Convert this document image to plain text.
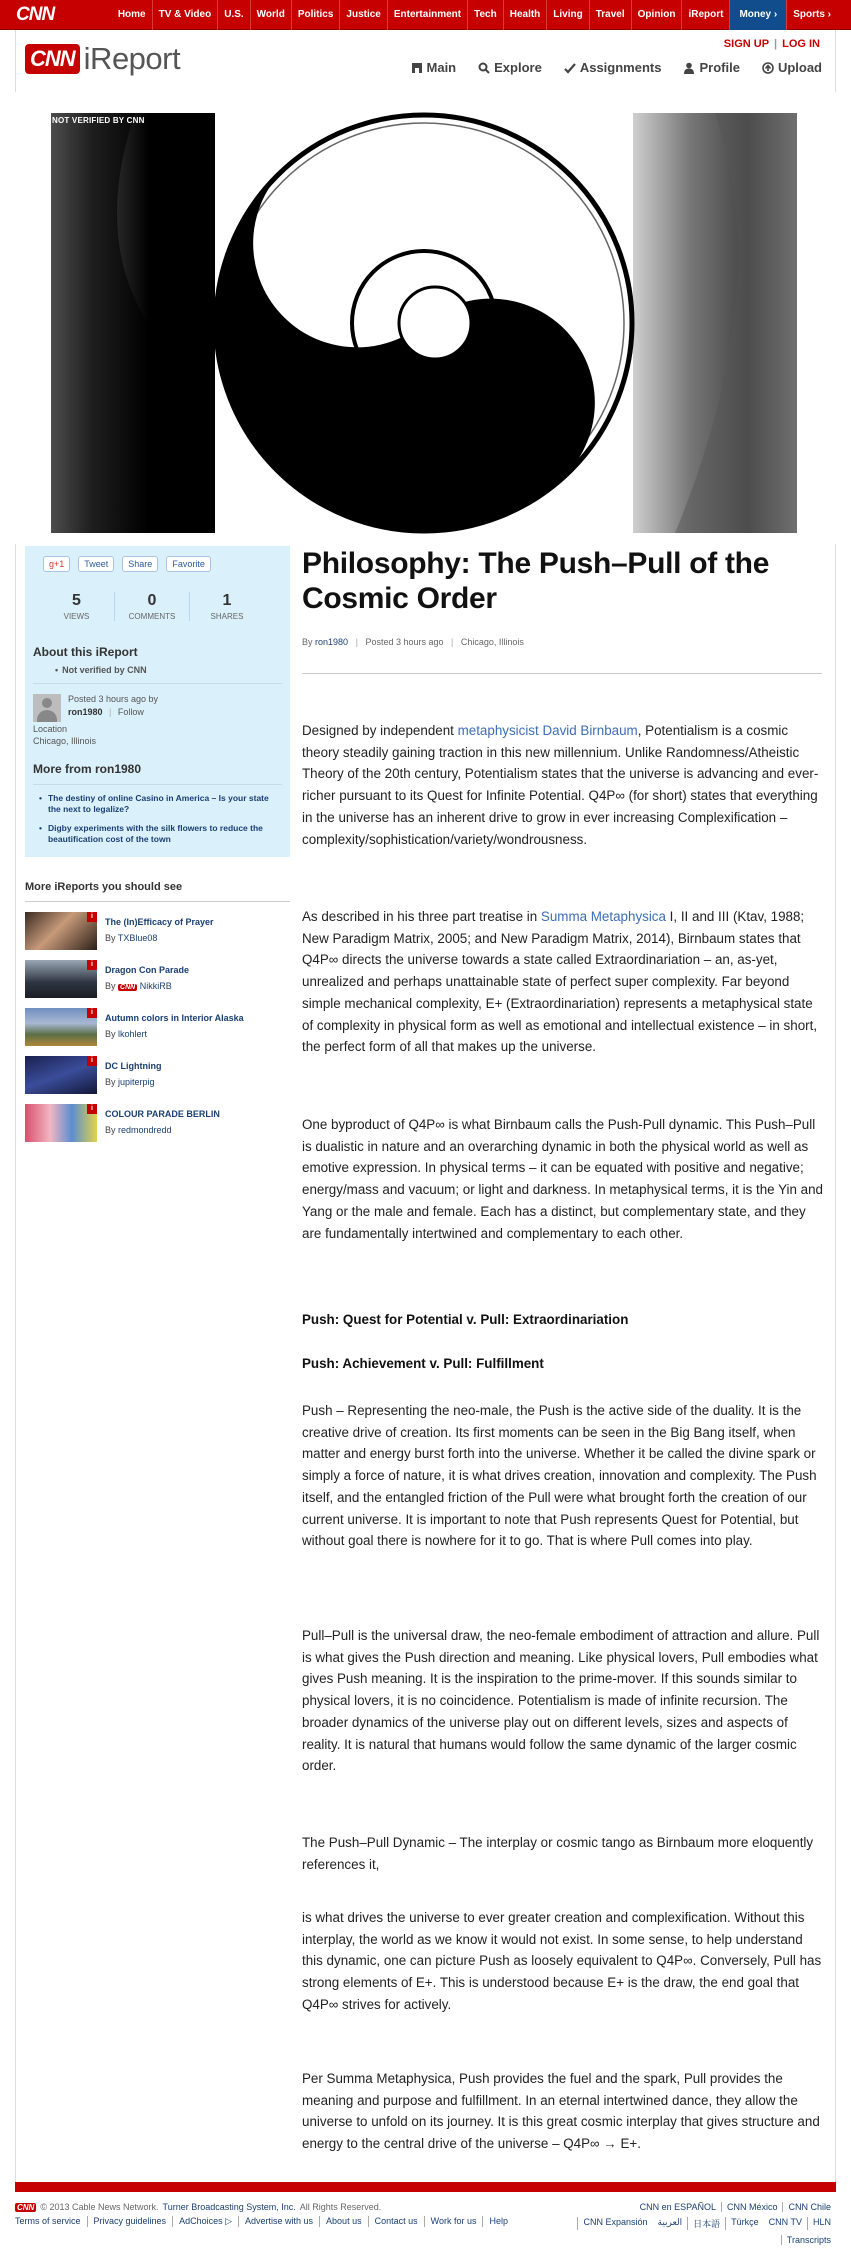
CNN	Home	TV & Video	U.S.	World	Politics	Justice	Entertainment	Tech	Health	Living	Travel	Opinion	iReport	Money ›	Sports ›
CNN iReport	SIGN UP | LOG IN
Main	Explore	Assignments	Profile	Upload
NOT VERIFIED BY CNN
g+1	Tweet	Share	Favorite
5
VIEWS
0
COMMENTS
1
SHARES
About this iReport
• Not verified by CNN
Posted 3 hours ago by
ron1980 | Follow
Location
Chicago, Illinois
More from ron1980
• The destiny of online Casino in America – Is your state the next to legalize?
• Digby experiments with the silk flowers to reduce the beautification cost of the town
More iReports you should see
i
The (In)Efficacy of Prayer
By TXBlue08
i
Dragon Con Parade
By CNN NikkiRB
i
Autumn colors in Interior Alaska
By lkohlert
i
DC Lightning
By jupiterpig
i
COLOUR PARADE BERLIN
By redmondredd
Philosophy: The Push–Pull of the Cosmic Order
By ron1980 | Posted 3 hours ago | Chicago, Illinois

Designed by independent metaphysicist David Birnbaum, Potentialism is a cosmic theory steadily gaining traction in this new millennium. Unlike Randomness/Atheistic Theory of the 20th century, Potentialism states that the universe is advancing and ever-richer pursuant to its Quest for Infinite Potential. Q4P∞ (for short) states that everything in the universe has an inherent drive to grow in ever increasing Complexification – complexity/sophistication/variety/wondrousness.

As described in his three part treatise in Summa Metaphysica I, II and III (Ktav, 1988; New Paradigm Matrix, 2005; and New Paradigm Matrix, 2014), Birnbaum states that Q4P∞ directs the universe towards a state called Extraordinariation – an, as-yet, unrealized and perhaps unattainable state of perfect super complexity. Far beyond simple mechanical complexity, E+ (Extraordinariation) represents a metaphysical state of complexity in physical form as well as emotional and intellectual existence – in short, the perfect form of all that makes up the universe.

One byproduct of Q4P∞ is what Birnbaum calls the Push-Pull dynamic. This Push–Pull is dualistic in nature and an overarching dynamic in both the physical world as well as emotive expression. In physical terms – it can be equated with positive and negative; energy/mass and vacuum; or light and darkness. In metaphysical terms, it is the Yin and Yang or the male and female. Each has a distinct, but complementary state, and they are fundamentally intertwined and complementary to each other.

Push: Quest for Potential v. Pull: Extraordinariation
Push: Achievement v. Pull: Fulfillment

Push – Representing the neo-male, the Push is the active side of the duality. It is the creative drive of creation. Its first moments can be seen in the Big Bang itself, when matter and energy burst forth into the universe. Whether it be called the divine spark or simply a force of nature, it is what drives creation, innovation and complexity. The Push itself, and the entangled friction of the Pull were what brought forth the creation of our current universe. It is important to note that Push represents Quest for Potential, but without goal there is nowhere for it to go. That is where Pull comes into play.

Pull–Pull is the universal draw, the neo-female embodiment of attraction and allure. Pull is what gives the Push direction and meaning. Like physical lovers, Pull embodies what gives Push meaning. It is the inspiration to the prime-mover. If this sounds similar to physical lovers, it is no coincidence. Potentialism is made of infinite recursion. The broader dynamics of the universe play out on different levels, sizes and aspects of reality. It is natural that humans would follow the same dynamic of the larger cosmic order.

The Push–Pull Dynamic – The interplay or cosmic tango as Birnbaum more eloquently references it,

is what drives the universe to ever greater creation and complexification. Without this interplay, the world as we know it would not exist. In some sense, to help understand this dynamic, one can picture Push as loosely equivalent to Q4P∞. Conversely, Pull has strong elements of E+. This is understood because E+ is the draw, the end goal that Q4P∞ strives for actively.

Per Summa Metaphysica, Push provides the fuel and the spark, Pull provides the meaning and purpose and fulfillment. In an eternal intertwined dance, they allow the universe to unfold on its journey. It is this great cosmic interplay that gives structure and energy to the central drive of the universe – Q4P∞ → E+.

CNN © 2013 Cable News Network. Turner Broadcasting System, Inc. All Rights Reserved.
Terms of service	Privacy guidelines	AdChoices ▷	Advertise with us	About us	Contact us	Work for us	Help
CNN en ESPAÑOL	CNN México	CNN Chile
CNN Expansión	العربية	日本語	Türkçe	CNN TV	HLN
Transcripts
